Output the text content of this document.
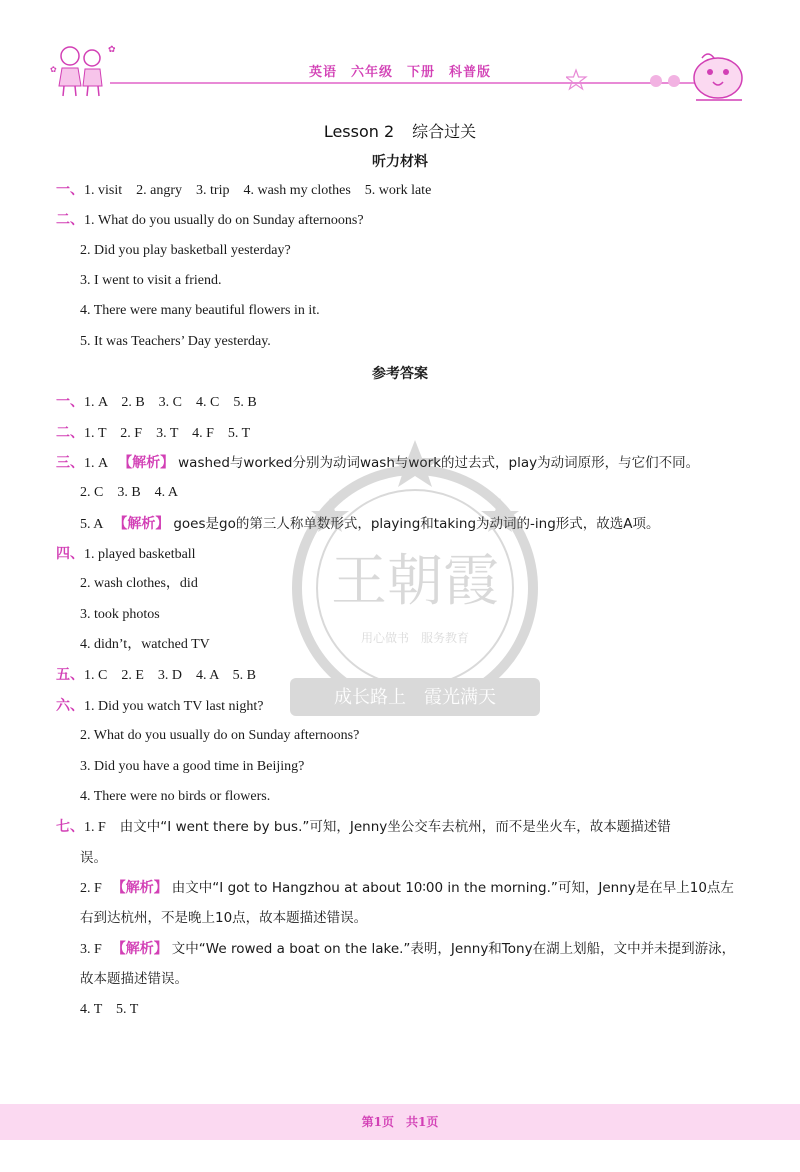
✿
✿	英语　六年级　下册　科普版
Lesson 2 综合过关
听力材料
一、1. visit　 2. angry　 3. trip　 4. wash my clothes　 5. work late
二、1. What do you usually do on Sunday afternoons?
2. Did you play basketball yesterday?
3. I went to visit a friend.
4. There were many beautiful flowers in it.
5. It was Teachers’ Day yesterday.
参考答案
一、1. A　2. B　3. C　4. C　5. B
二、1. T　2. F　3. T　4. F　5. T
三、1. A 【解析】 washed与worked分别为动词wash与work的过去式，play为动词原形，与它们不同。
2. C　3. B　4. A
5. A 【解析】 goes是go的第三人称单数形式，playing和taking为动词的-ing形式，故选A项。
四、1. played basketball
2. wash clothes，did
3. took photos
4. didn’t，watched TV
五、1. C　2. E　3. D　4. A　5. B
六、1. Did you watch TV last night?
2. What do you usually do on Sunday afternoons?
3. Did you have a good time in Beijing?
4. There were no birds or flowers.
七、1. F 由文中“I went there by bus.”可知，Jenny坐公交车去杭州，而不是坐火车，故本题描述错
误。
2. F 【解析】 由文中“I got to Hangzhou at about 10∶00 in the morning.”可知，Jenny是在早上10点左
右到达杭州，不是晚上10点，故本题描述错误。
3. F 【解析】 文中“We rowed a boat on the lake.”表明，Jenny和Tony在湖上划船，文中并未提到游泳，
故本题描述错误。
4. T　5. T
王朝霞
用心做书　服务教育
成长路上　霞光满天
第1页 共1页
